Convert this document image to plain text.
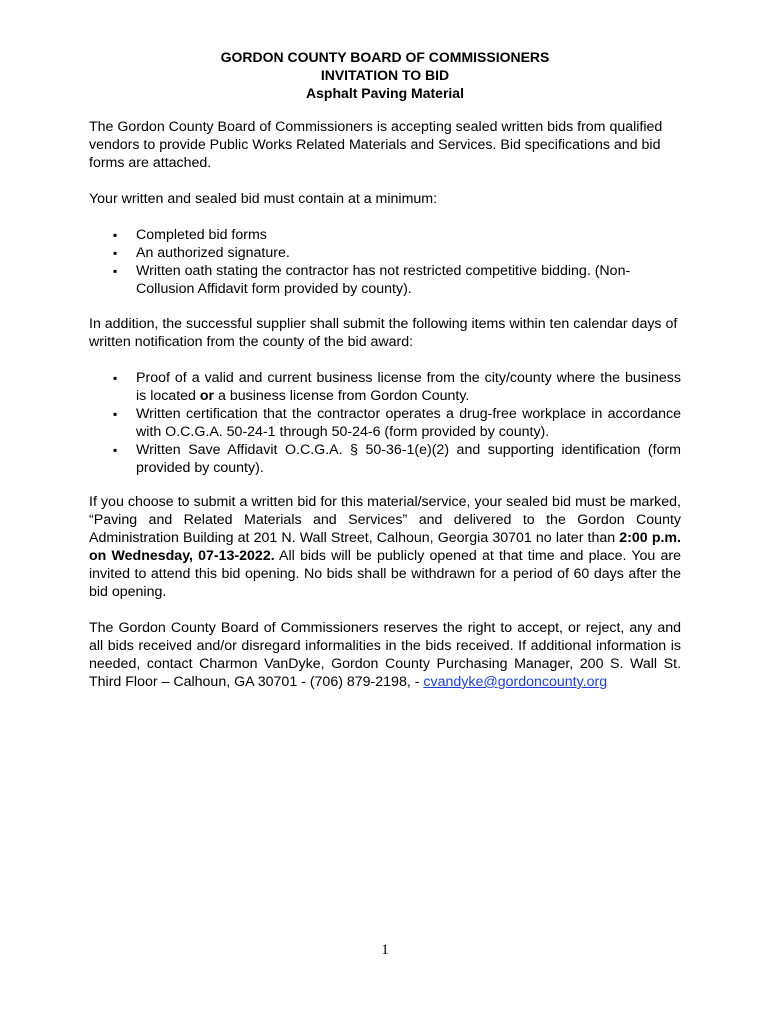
GORDON COUNTY BOARD OF COMMISSIONERS
INVITATION TO BID
Asphalt Paving Material
The Gordon County Board of Commissioners is accepting sealed written bids from qualified vendors to provide Public Works Related Materials and Services. Bid specifications and bid forms are attached.
Your written and sealed bid must contain at a minimum:
▪ Completed bid forms
▪ An authorized signature.
▪ Written oath stating the contractor has not restricted competitive bidding. (Non-Collusion Affidavit form provided by county).
In addition, the successful supplier shall submit the following items within ten calendar days of written notification from the county of the bid award:
▪ Proof of a valid and current business license from the city/county where the business is located or a business license from Gordon County.
▪ Written certification that the contractor operates a drug-free workplace in accordance with O.C.G.A. 50-24-1 through 50-24-6 (form provided by county).
▪ Written Save Affidavit O.C.G.A. § 50-36-1(e)(2) and supporting identification (form provided by county).
If you choose to submit a written bid for this material/service, your sealed bid must be marked, “Paving and Related Materials and Services” and delivered to the Gordon County Administration Building at 201 N. Wall Street, Calhoun, Georgia 30701 no later than 2:00 p.m. on Wednesday, 07-13-2022. All bids will be publicly opened at that time and place. You are invited to attend this bid opening. No bids shall be withdrawn for a period of 60 days after the bid opening.
The Gordon County Board of Commissioners reserves the right to accept, or reject, any and all bids received and/or disregard informalities in the bids received. If additional information is needed, contact Charmon VanDyke, Gordon County Purchasing Manager, 200 S. Wall St. Third Floor – Calhoun, GA 30701 - (706) 879-2198, - cvandyke@gordoncounty.org
1
